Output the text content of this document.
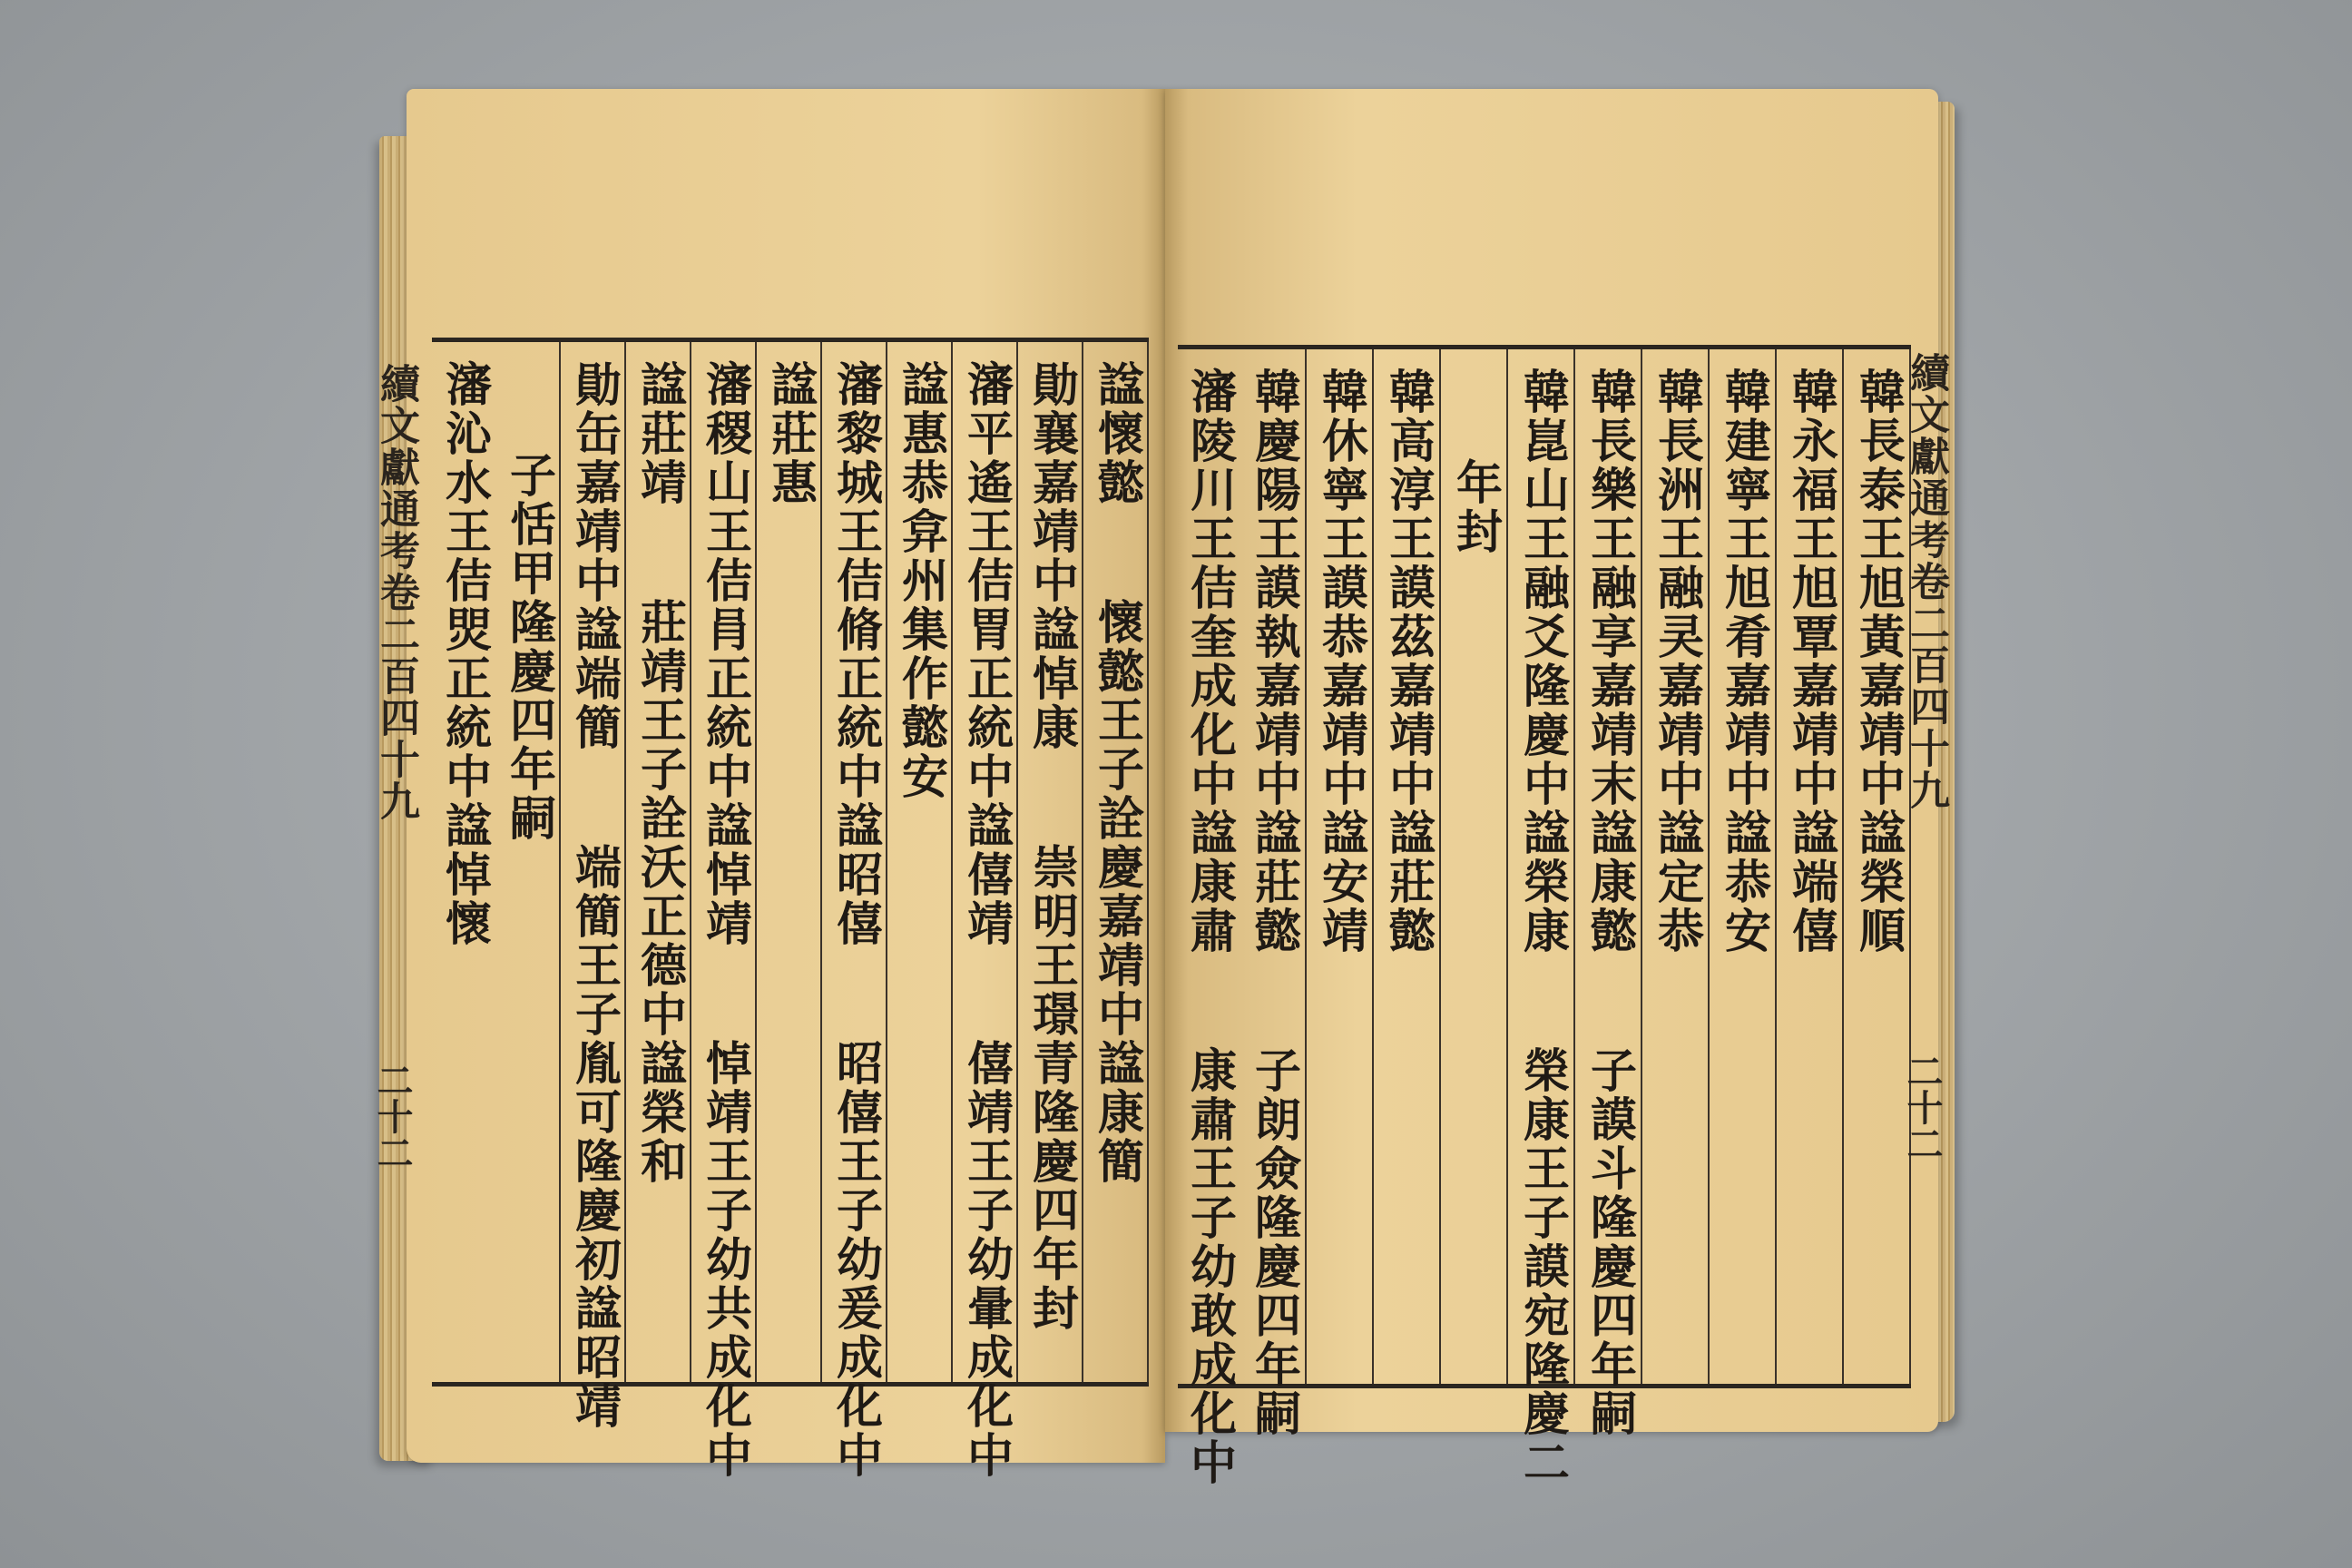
諡懷懿
懷懿王子詮慶嘉靖中諡康簡
勛襄嘉靖中諡悼康
崇明王璟青隆慶四年封
瀋平遙王佶胃正統中諡僖靖
僖靖王子幼暈成化中
諡惠恭弇州集作懿安
瀋黎城王佶脩正統中諡昭僖
昭僖王子幼爰成化中
諡莊惠
瀋稷山王佶肙正統中諡悼靖
悼靖王子幼共成化中
諡莊靖
莊靖王子詮沃正德中諡榮和
勛缶嘉靖中諡端簡
端簡王子胤可隆慶初諡昭靖
子恬甲隆慶四年嗣
瀋沁水王佶焸正統中諡悼懷
續文獻通考卷二百四十九
二十二
韓長泰王旭黃嘉靖中諡榮順
韓永福王旭覃嘉靖中諡端僖
韓建寧王旭肴嘉靖中諡恭安
韓長洲王融㚑嘉靖中諡定恭
韓長樂王融享嘉靖末諡康懿
子謨斗隆慶四年嗣
韓崑山王融爻隆慶中諡榮康
榮康王子謨宛隆慶二
年封
韓高淳王謨茲嘉靖中諡莊懿
韓休寧王謨恭嘉靖中諡安靖
韓慶陽王謨執嘉靖中諡莊懿
子朗僉隆慶四年嗣
瀋陵川王佶奎成化中諡康肅
康肅王子幼敢成化中
續文獻通考卷二百四十九
二十二
